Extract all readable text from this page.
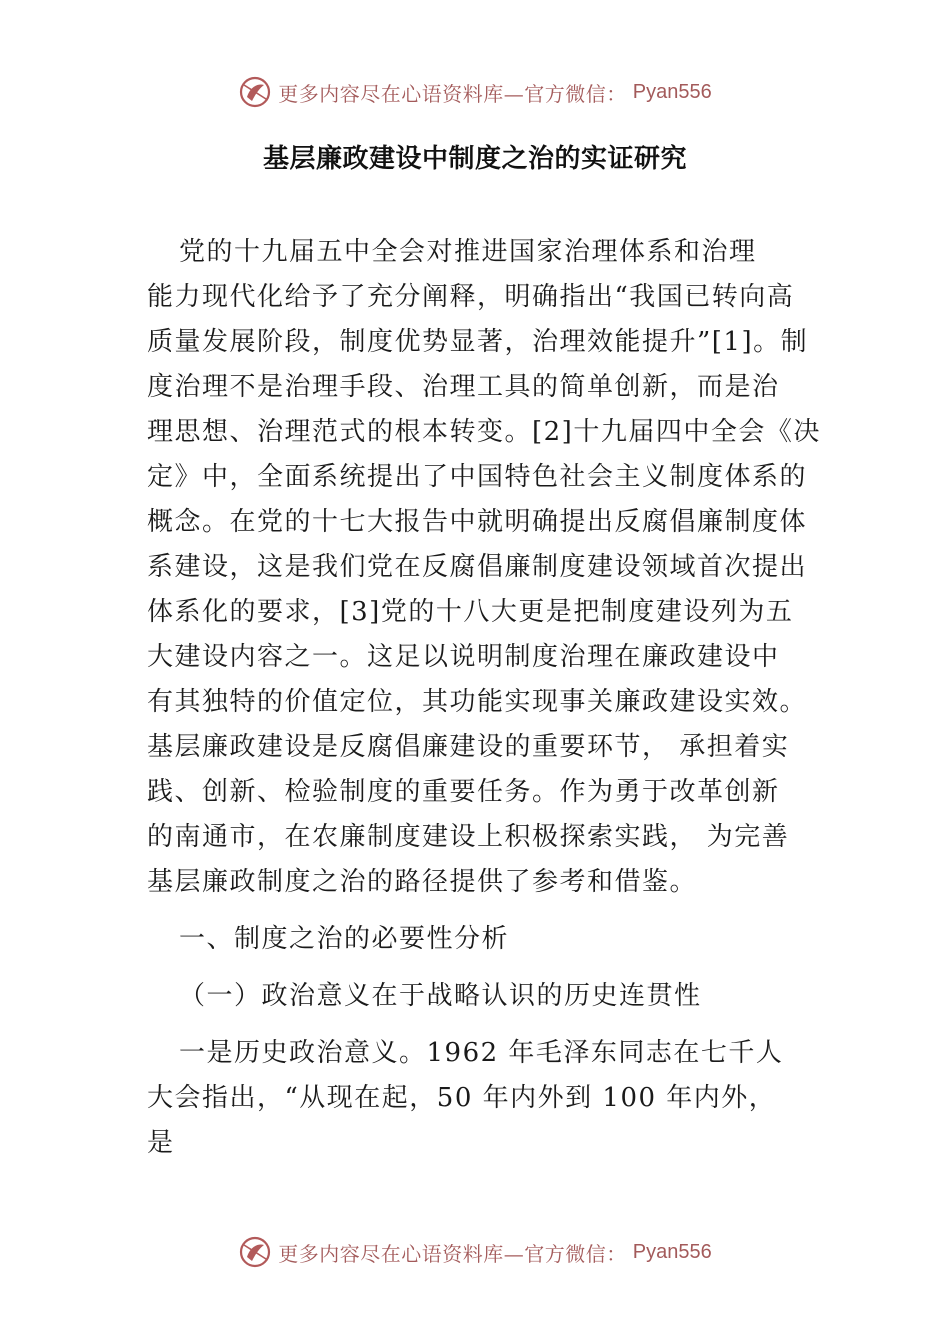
更多内容尽在心语资料库—官方微信： Pyan556
基层廉政建设中制度之治的实证研究
党的十九届五中全会对推进国家治理体系和治理
能力现代化给予了充分阐释，明确指出“我国已转向高
质量发展阶段，制度优势显著，治理效能提升”[1]。制
度治理不是治理手段、治理工具的简单创新，而是治
理思想、治理范式的根本转变。[2]十九届四中全会《决
定》中，全面系统提出了中国特色社会主义制度体系的
概念。在党的十七大报告中就明确提出反腐倡廉制度体
系建设，这是我们党在反腐倡廉制度建设领域首次提出
体系化的要求，[3]党的十八大更是把制度建设列为五
大建设内容之一。这足以说明制度治理在廉政建设中
有其独特的价值定位，其功能实现事关廉政建设实效。
基层廉政建设是反腐倡廉建设的重要环节， 承担着实
践、创新、检验制度的重要任务。作为勇于改革创新
的南通市，在农廉制度建设上积极探索实践， 为完善
基层廉政制度之治的路径提供了参考和借鉴。
一、制度之治的必要性分析
（一）政治意义在于战略认识的历史连贯性
一是历史政治意义。1962 年毛泽东同志在七千人
大会指出，“从现在起，50 年内外到 100 年内外，
是
更多内容尽在心语资料库—官方微信： Pyan556
